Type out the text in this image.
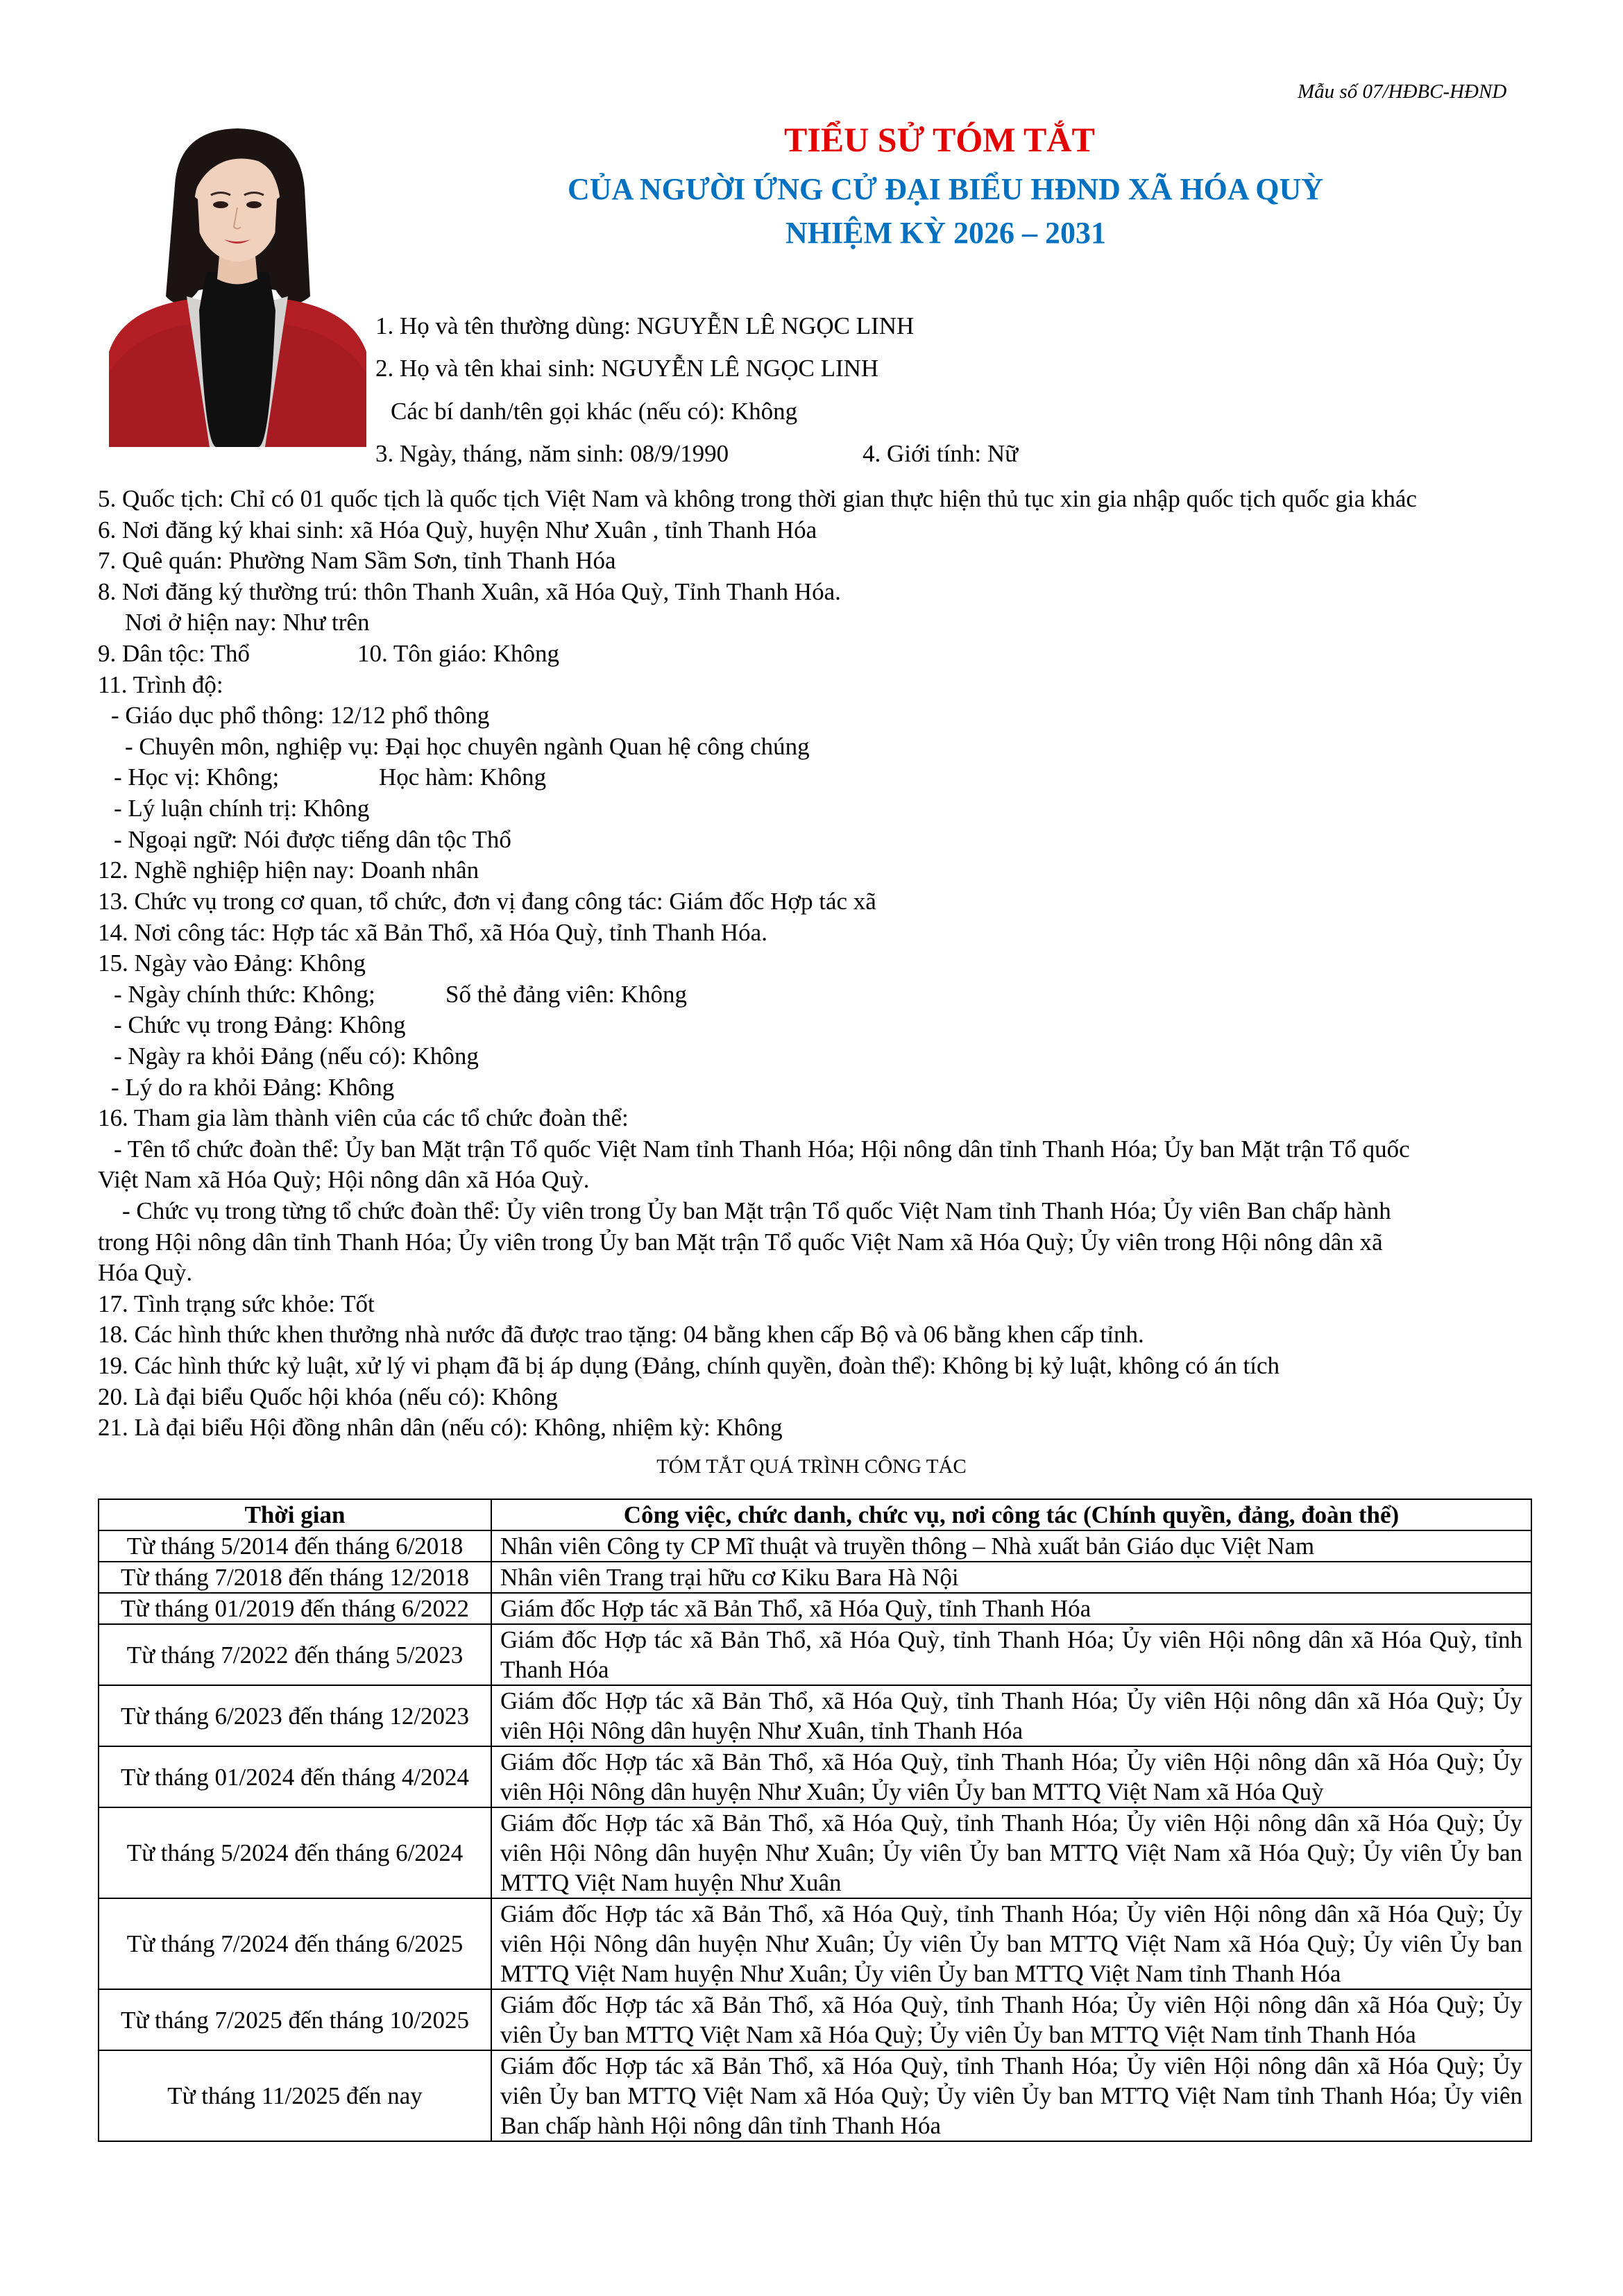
Mẫu số 07/HĐBC-HĐND
TIỂU SỬ TÓM TẮT
CỦA NGƯỜI ỨNG CỬ ĐẠI BIỂU HĐND XÃ HÓA QUỲ
NHIỆM KỲ 2026 – 2031
1. Họ và tên thường dùng: NGUYỄN LÊ NGỌC LINH
2. Họ và tên khai sinh: NGUYỄN LÊ NGỌC LINH
Các bí danh/tên gọi khác (nếu có): Không
3. Ngày, tháng, năm sinh: 08/9/1990	4. Giới tính: Nữ
5. Quốc tịch: Chỉ có 01 quốc tịch là quốc tịch Việt Nam và không trong thời gian thực hiện thủ tục xin gia nhập quốc tịch quốc gia khác
6. Nơi đăng ký khai sinh: xã Hóa Quỳ, huyện Như Xuân , tỉnh Thanh Hóa
7. Quê quán: Phường Nam Sầm Sơn, tỉnh Thanh Hóa
8. Nơi đăng ký thường trú: thôn Thanh Xuân, xã Hóa Quỳ, Tỉnh Thanh Hóa.
Nơi ở hiện nay: Như trên
9. Dân tộc: Thổ	10. Tôn giáo: Không
11. Trình độ:
- Giáo dục phổ thông: 12/12 phổ thông
- Chuyên môn, nghiệp vụ: Đại học chuyên ngành Quan hệ công chúng
- Học vị: Không;	Học hàm: Không
- Lý luận chính trị: Không
- Ngoại ngữ: Nói được tiếng dân tộc Thổ
12. Nghề nghiệp hiện nay: Doanh nhân
13. Chức vụ trong cơ quan, tổ chức, đơn vị đang công tác: Giám đốc Hợp tác xã
14. Nơi công tác: Hợp tác xã Bản Thổ, xã Hóa Quỳ, tỉnh Thanh Hóa.
15. Ngày vào Đảng: Không
- Ngày chính thức: Không;	Số thẻ đảng viên: Không
- Chức vụ trong Đảng: Không
- Ngày ra khỏi Đảng (nếu có): Không
- Lý do ra khỏi Đảng: Không
16. Tham gia làm thành viên của các tổ chức đoàn thể:
- Tên tổ chức đoàn thể: Ủy ban Mặt trận Tổ quốc Việt Nam tỉnh Thanh Hóa; Hội nông dân tỉnh Thanh Hóa; Ủy ban Mặt trận Tổ quốc
Việt Nam xã Hóa Quỳ; Hội nông dân xã Hóa Quỳ.
- Chức vụ trong từng tổ chức đoàn thể: Ủy viên trong Ủy ban Mặt trận Tổ quốc Việt Nam tỉnh Thanh Hóa; Ủy viên Ban chấp hành
trong Hội nông dân tỉnh Thanh Hóa; Ủy viên trong Ủy ban Mặt trận Tổ quốc Việt Nam xã Hóa Quỳ; Ủy viên trong Hội nông dân xã
Hóa Quỳ.
17. Tình trạng sức khỏe: Tốt
18. Các hình thức khen thưởng nhà nước đã được trao tặng: 04 bằng khen cấp Bộ và 06 bằng khen cấp tỉnh.
19. Các hình thức kỷ luật, xử lý vi phạm đã bị áp dụng (Đảng, chính quyền, đoàn thể): Không bị kỷ luật, không có án tích
20. Là đại biểu Quốc hội khóa (nếu có): Không
21. Là đại biểu Hội đồng nhân dân (nếu có): Không, nhiệm kỳ: Không
TÓM TẮT QUÁ TRÌNH CÔNG TÁC
Thời gian	Công việc, chức danh, chức vụ, nơi công tác (Chính quyền, đảng, đoàn thể)
Từ tháng 5/2014 đến tháng 6/2018	Nhân viên Công ty CP Mĩ thuật và truyền thông – Nhà xuất bản Giáo dục Việt Nam
Từ tháng 7/2018 đến tháng 12/2018	Nhân viên Trang trại hữu cơ Kiku Bara Hà Nội
Từ tháng 01/2019 đến tháng 6/2022	Giám đốc Hợp tác xã Bản Thổ, xã Hóa Quỳ, tỉnh Thanh Hóa
Từ tháng 7/2022 đến tháng 5/2023	Giám đốc Hợp tác xã Bản Thổ, xã Hóa Quỳ, tỉnh Thanh Hóa; Ủy viên Hội nông dân xã Hóa Quỳ, tỉnh Thanh Hóa
Từ tháng 6/2023 đến tháng 12/2023	Giám đốc Hợp tác xã Bản Thổ, xã Hóa Quỳ, tỉnh Thanh Hóa; Ủy viên Hội nông dân xã Hóa Quỳ; Ủy viên Hội Nông dân huyện Như Xuân, tỉnh Thanh Hóa
Từ tháng 01/2024 đến tháng 4/2024	Giám đốc Hợp tác xã Bản Thổ, xã Hóa Quỳ, tỉnh Thanh Hóa; Ủy viên Hội nông dân xã Hóa Quỳ; Ủy viên Hội Nông dân huyện Như Xuân; Ủy viên Ủy ban MTTQ Việt Nam xã Hóa Quỳ
Từ tháng 5/2024 đến tháng 6/2024	Giám đốc Hợp tác xã Bản Thổ, xã Hóa Quỳ, tỉnh Thanh Hóa; Ủy viên Hội nông dân xã Hóa Quỳ; Ủy viên Hội Nông dân huyện Như Xuân; Ủy viên Ủy ban MTTQ Việt Nam xã Hóa Quỳ; Ủy viên Ủy ban MTTQ Việt Nam huyện Như Xuân
Từ tháng 7/2024 đến tháng 6/2025	Giám đốc Hợp tác xã Bản Thổ, xã Hóa Quỳ, tỉnh Thanh Hóa; Ủy viên Hội nông dân xã Hóa Quỳ; Ủy viên Hội Nông dân huyện Như Xuân; Ủy viên Ủy ban MTTQ Việt Nam xã Hóa Quỳ; Ủy viên Ủy ban MTTQ Việt Nam huyện Như Xuân; Ủy viên Ủy ban MTTQ Việt Nam tỉnh Thanh Hóa
Từ tháng 7/2025 đến tháng 10/2025	Giám đốc Hợp tác xã Bản Thổ, xã Hóa Quỳ, tỉnh Thanh Hóa; Ủy viên Hội nông dân xã Hóa Quỳ; Ủy viên Ủy ban MTTQ Việt Nam xã Hóa Quỳ; Ủy viên Ủy ban MTTQ Việt Nam tỉnh Thanh Hóa
Từ tháng 11/2025 đến nay	Giám đốc Hợp tác xã Bản Thổ, xã Hóa Quỳ, tỉnh Thanh Hóa; Ủy viên Hội nông dân xã Hóa Quỳ; Ủy viên Ủy ban MTTQ Việt Nam xã Hóa Quỳ; Ủy viên Ủy ban MTTQ Việt Nam tỉnh Thanh Hóa; Ủy viên Ban chấp hành Hội nông dân tỉnh Thanh Hóa
